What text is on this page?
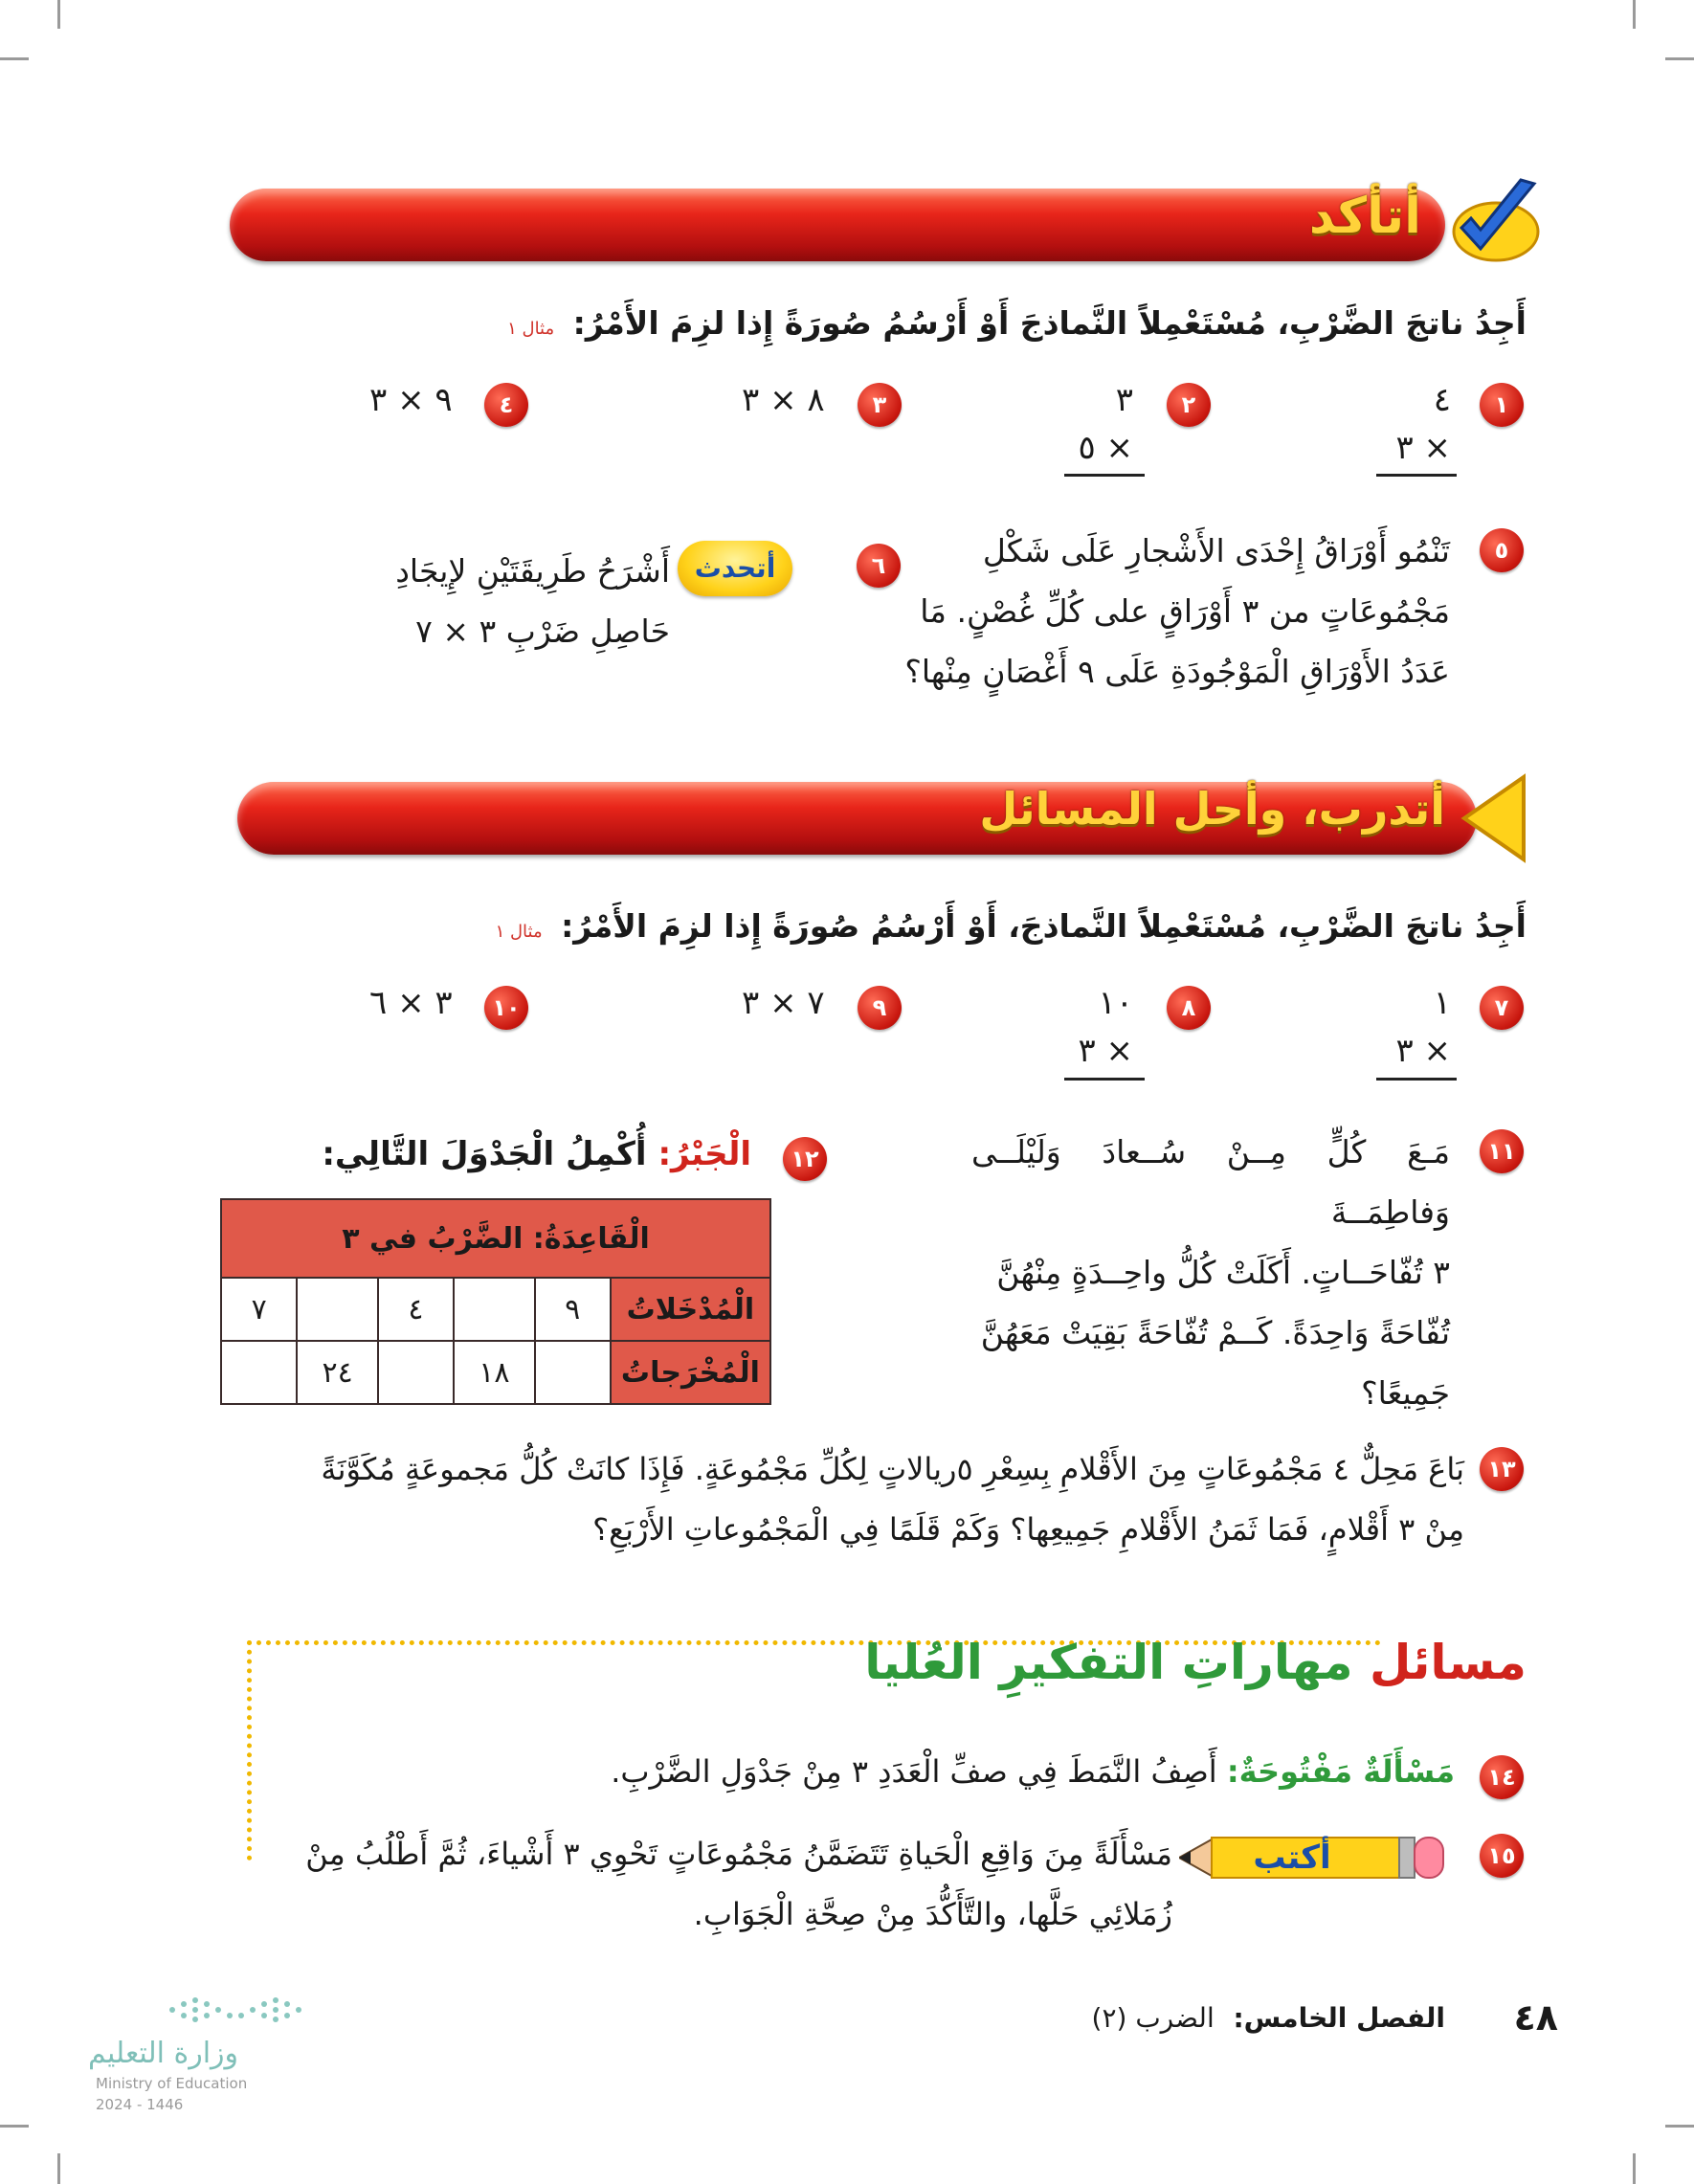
أتأكد
أَجِدُ ناتجَ الضَّرْبِ، مُسْتَعْمِلاً النَّماذجَ أَوْ أَرْسُمُ صُورَةً إِذا لزِمَ الأَمْرُ: مثال ١
١
٤
٣ ×
٢
٣
٥ ×
٣
٨ × ٣
٤
٩ × ٣
٥
تَنْمُو أَوْرَاقُ إِحْدَى الأَشْجارِ عَلَى شَكْلِ
مَجْمُوعَاتٍ من ٣ أَوْرَاقٍ على كُلِّ غُصْنٍ. مَا
عَدَدُ الأَوْرَاقِ الْمَوْجُودَةِ عَلَى ٩ أَغْصَانٍ مِنْها؟
٦
أتحدث
أَشْرَحُ طَرِيقَتَيْنِ لإِيجَادِ
حَاصِلِ ضَرْبِ ٣ × ٧
أتدرب، وأحل المسائل
أَجِدُ ناتجَ الضَّرْبِ، مُسْتَعْمِلاً النَّماذجَ، أَوْ أَرْسُمُ صُورَةً إِذا لزِمَ الأَمْرُ: مثال ١
٧
١
٣ ×
٨
١٠
٣ ×
٩
٧ × ٣
١٠
٣ × ٦
١١
مَـعَ كُلٍّ مِــنْ سُــعادَ وَلَيْلَــى وَفاطِمَــةَ
٣ تُفّاحَــاتٍ. أَكَلَتْ كُلُّ واحِــدَةٍ مِنْهُنَّ
تُفّاحَةً وَاحِدَةً. كَــمْ تُفّاحَةً بَقِيَتْ مَعَهُنَّ
جَمِيعًا؟
١٢
الْجَبْرُ: أُكْمِلُ الْجَدْوَلَ التَّالِي:
الْقَاعِدَةُ: الضَّرْبُ في ٣					
الْمُدْخَلاتُ	٩		٤		٧
الْمُخْرَجاتُ		١٨		٢٤	
١٣
بَاعَ مَحِلٌّ ٤ مَجْمُوعَاتٍ مِنَ الأَقْلامِ بِسِعْرِ ٥ريالاتٍ لِكُلِّ مَجْمُوعَةٍ. فَإِذَا كانَتْ كُلُّ مَجموعَةٍ مُكَوَّنَةً
مِنْ ٣ أَقْلامٍ، فَمَا ثَمَنُ الأَقْلامِ جَمِيعِها؟ وَكَمْ قَلَمًا فِي الْمَجْمُوعاتِ الأَرْبَعِ؟
مسائل مهاراتِ التفكيرِ العُليا
١٤
مَسْأَلَةٌ مَفْتُوحَةٌ: أَصِفُ النَّمَطَ فِي صفِّ الْعَدَدِ ٣ مِنْ جَدْوَلِ الضَّرْبِ.
١٥
أكتب
مَسْأَلَةً مِنَ وَاقِعِ الْحَياةِ تَتَضَمَّنُ مَجْمُوعَاتٍ تَحْوِي ٣ أَشْياءَ، ثُمَّ أَطْلُبُ مِنْ
زُمَلائِي حَلَّها، والتَّأَكُّدَ مِنْ صِحَّةِ الْجَوَابِ.
٤٨
الفصل الخامس: الضرب (٢)
وزارة التعليم
Ministry of Education
2024 - 1446
